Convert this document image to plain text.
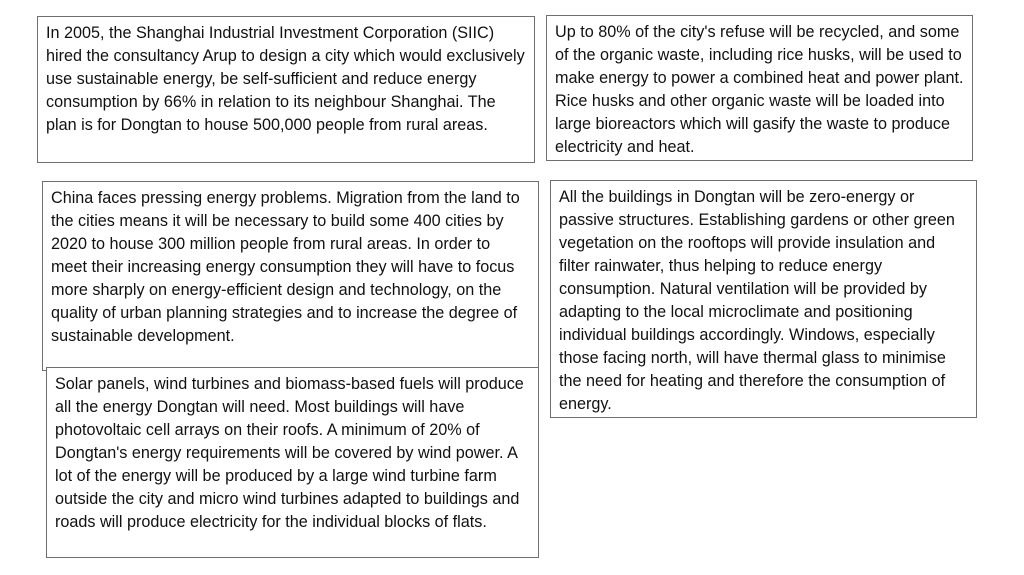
In 2005, the Shanghai Industrial Investment Corporation (SIIC) hired the consultancy Arup to design a city which would exclusively use sustainable energy, be self-sufficient and reduce energy consumption by 66% in relation to its neighbour Shanghai. The plan is for Dongtan to house 500,000 people from rural areas.
Up to 80% of the city's refuse will be recycled, and some of the organic waste, including rice husks, will be used to make energy to power a combined heat and power plant. Rice husks and other organic waste will be loaded into large bioreactors which will gasify the waste to produce electricity and heat.
China faces pressing energy problems. Migration from the land to the cities means it will be necessary to build some 400 cities by 2020 to house 300 million people from rural areas. In order to meet their increasing energy consumption they will have to focus more sharply on energy-efficient design and technology, on the quality of urban planning strategies and to increase the degree of sustainable development.
All the buildings in Dongtan will be zero-energy or passive structures. Establishing gardens or other green vegetation on the rooftops will provide insulation and filter rainwater, thus helping to reduce energy consumption. Natural ventilation will be provided by adapting to the local microclimate and positioning individual buildings accordingly. Windows, especially those facing north, will have thermal glass to minimise the need for heating and therefore the consumption of energy.
Solar panels, wind turbines and biomass-based fuels will produce all the energy Dongtan will need. Most buildings will have photovoltaic cell arrays on their roofs. A minimum of 20% of Dongtan's energy requirements will be covered by wind power. A lot of the energy will be produced by a large wind turbine farm outside the city and micro wind turbines adapted to buildings and roads will produce electricity for the individual blocks of flats.
